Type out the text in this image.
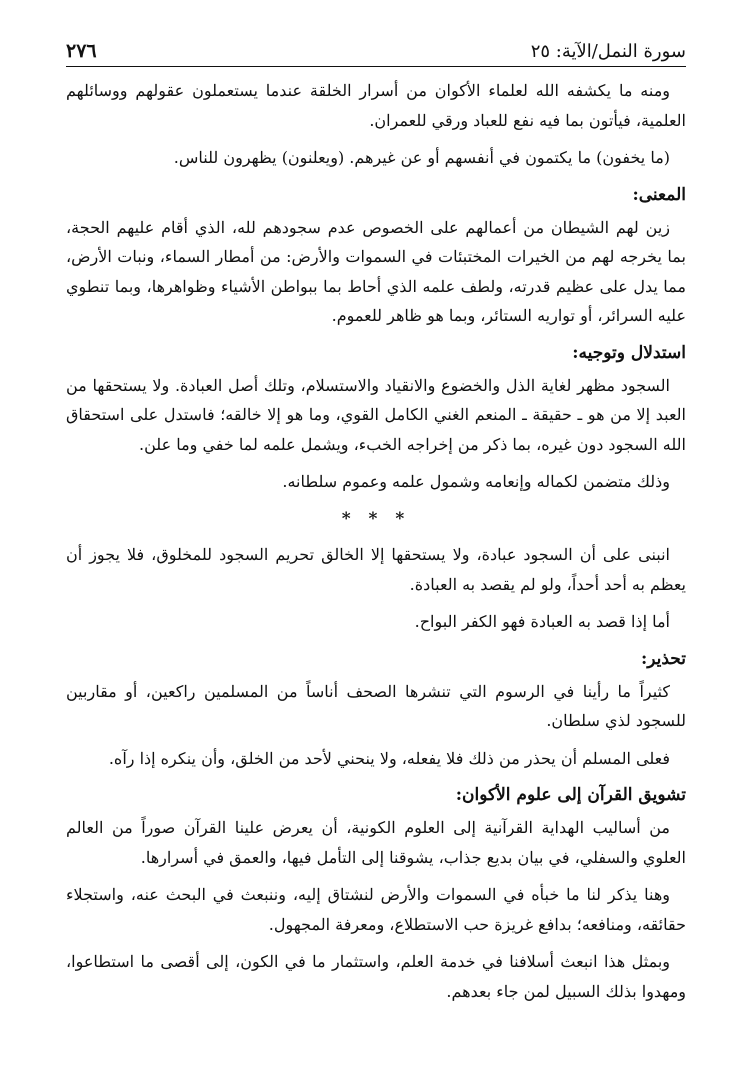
سورة النمل/الآية: ٢٥
٢٧٦

ومنه ما يكشفه الله لعلماء الأكوان من أسرار الخلقة عندما يستعملون عقولهم ووسائلهم العلمية، فيأتون بما فيه نفع للعباد ورقي للعمران.

(ما يخفون) ما يكتمون في أنفسهم أو عن غيرهم. (ويعلنون) يظهرون للناس.

المعنى:

زين لهم الشيطان من أعمالهم على الخصوص عدم سجودهم لله، الذي أقام عليهم الحجة، بما يخرجه لهم من الخيرات المختبئات في السموات والأرض: من أمطار السماء، ونبات الأرض، مما يدل على عظيم قدرته، ولطف علمه الذي أحاط بما ببواطن الأشياء وظواهرها، وبما تنطوي عليه السرائر، أو تواريه الستائر، وبما هو ظاهر للعموم.

استدلال وتوجيه:

السجود مظهر لغاية الذل والخضوع والانقياد والاستسلام، وتلك أصل العبادة. ولا يستحقها من العبد إلا من هو ـ حقيقة ـ المنعم الغني الكامل القوي، وما هو إلا خالقه؛ فاستدل على استحقاق الله السجود دون غيره، بما ذكر من إخراجه الخبء، ويشمل علمه لما خفي وما علن.

وذلك متضمن لكماله وإنعامه وشمول علمه وعموم سلطانه.

* * *

انبنى على أن السجود عبادة، ولا يستحقها إلا الخالق تحريم السجود للمخلوق، فلا يجوز أن يعظم به أحد أحداً، ولو لم يقصد به العبادة.

أما إذا قصد به العبادة فهو الكفر البواح.

تحذير:

كثيراً ما رأينا في الرسوم التي تنشرها الصحف أناساً من المسلمين راكعين، أو مقاربين للسجود لذي سلطان.

فعلى المسلم أن يحذر من ذلك فلا يفعله، ولا ينحني لأحد من الخلق، وأن ينكره إذا رآه.

تشويق القرآن إلى علوم الأكوان:

من أساليب الهداية القرآنية إلى العلوم الكونية، أن يعرض علينا القرآن صوراً من العالم العلوي والسفلي، في بيان بديع جذاب، يشوقنا إلى التأمل فيها، والعمق في أسرارها.

وهنا يذكر لنا ما خبأه في السموات والأرض لنشتاق إليه، وننبعث في البحث عنه، واستجلاء حقائقه، ومنافعه؛ بدافع غريزة حب الاستطلاع، ومعرفة المجهول.

وبمثل هذا انبعث أسلافنا في خدمة العلم، واستثمار ما في الكون، إلى أقصى ما استطاعوا، ومهدوا بذلك السبيل لمن جاء بعدهم.
